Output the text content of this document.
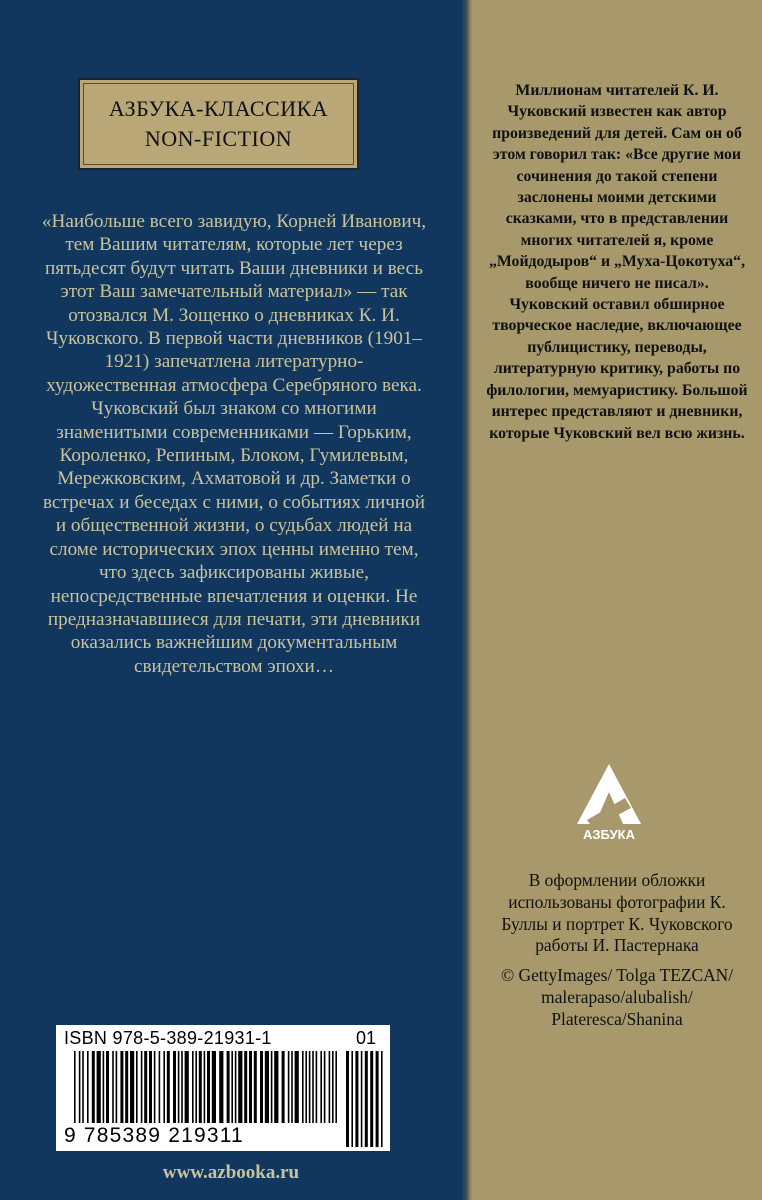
АЗБУКА-КЛАССИКА
NON-FICTION

«Наибольше всего завидую, Корней Иванович, тем Вашим читателям, которые лет через пятьдесят будут читать Ваши дневники и весь этот Ваш замечательный материал» — так отозвался М. Зощенко о дневниках К. И. Чуковского. В первой части дневников (1901–1921) запечатлена литературно-художественная атмосфера Серебряного века. Чуковский был знаком со многими знаменитыми современниками — Горьким, Короленко, Репиным, Блоком, Гумилевым, Мережковским, Ахматовой и др. Заметки о встречах и беседах с ними, о событиях личной и общественной жизни, о судьбах людей на сломе исторических эпох ценны именно тем, что здесь зафиксированы живые, непосредственные впечатления и оценки. Не предназначавшиеся для печати, эти дневники оказались важнейшим документальным свидетельством эпохи…

ISBN 978-5-389-21931-1	01
9 785389 219311
www.azbooka.ru

Миллионам читателей К. И. Чуковский известен как автор произведений для детей. Сам он об этом говорил так: «Все другие мои сочинения до такой степени заслонены моими детскими сказками, что в представлении многих читателей я, кроме „Мойдодыров“ и „Муха-Цокотуха“, вообще ничего не писал». Чуковский оставил обширное творческое наследие, включающее публицистику, переводы, литературную критику, работы по филологии, мемуаристику. Большой интерес представляют и дневники, которые Чуковский вел всю жизнь.

АЗБУКА

В оформлении обложки использованы фотографии К. Буллы и портрет К. Чуковского работы И. Пастернака

© GettyImages/ Tolga TEZCAN/ malerapaso/alubalish/ Plateresca/Shanina
